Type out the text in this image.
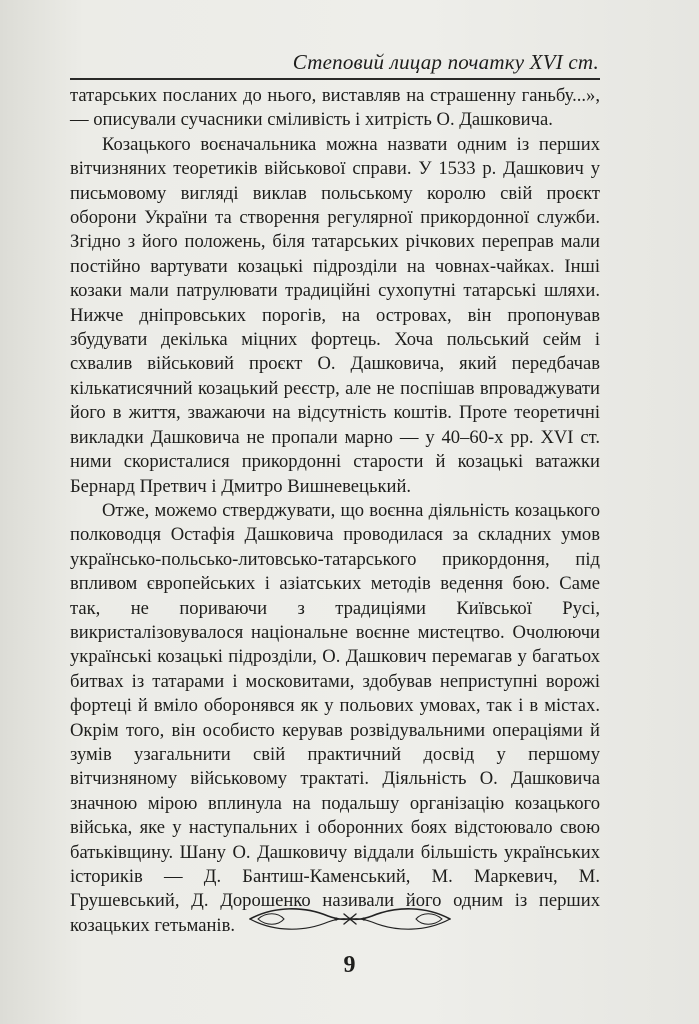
Степовий лицар початку XVI ст.

татарських посланих до нього, виставляв на страшенну ганьбу...», — описували сучасники сміливість і хитрість О. Дашковича.

Козацького воєначальника можна назвати одним із перших вітчизняних теоретиків військової справи. У 1533 р. Дашкович у письмовому вигляді виклав польському королю свій проєкт оборони України та створення регулярної прикордонної служби. Згідно з його положень, біля татарських річкових переправ мали постійно вартувати козацькі підрозділи на човнах-чайках. Інші козаки мали патрулювати традиційні сухопутні татарські шляхи. Нижче дніпровських порогів, на островах, він пропонував збудувати декілька міцних фортець. Хоча польський сейм і схвалив військовий проєкт О. Дашковича, який передбачав кількатисячний козацький реєстр, але не поспішав впроваджувати його в життя, зважаючи на відсутність коштів. Проте теоретичні викладки Дашковича не пропали марно — у 40–60-х рр. XVI ст. ними скористалися прикордонні старости й козацькі ватажки Бернард Претвич і Дмитро Вишневецький.

Отже, можемо стверджувати, що воєнна діяльність козацького полководця Остафія Дашковича проводилася за складних умов українсько-польсько-литовсько-татарського прикордоння, під впливом європейських і азіатських методів ведення бою. Саме так, не пориваючи з традиціями Київської Русі, викристалізовувалося національне воєнне мистецтво. Очолюючи українські козацькі підрозділи, О. Дашкович перемагав у багатьох битвах із татарами і московитами, здобував неприступні ворожі фортеці й вміло оборонявся як у польових умовах, так і в містах. Окрім того, він особисто керував розвідувальними операціями й зумів узагальнити свій практичний досвід у першому вітчизняному військовому трактаті. Діяльність О. Дашковича значною мірою вплинула на подальшу організацію козацького війська, яке у наступальних і оборонних боях відстоювало свою батьківщину. Шану О. Дашковичу віддали більшість українських істориків — Д. Бантиш-Каменський, М. Маркевич, М. Грушевський, Д. Дорошенко називали його одним із перших козацьких гетьманів.

9
